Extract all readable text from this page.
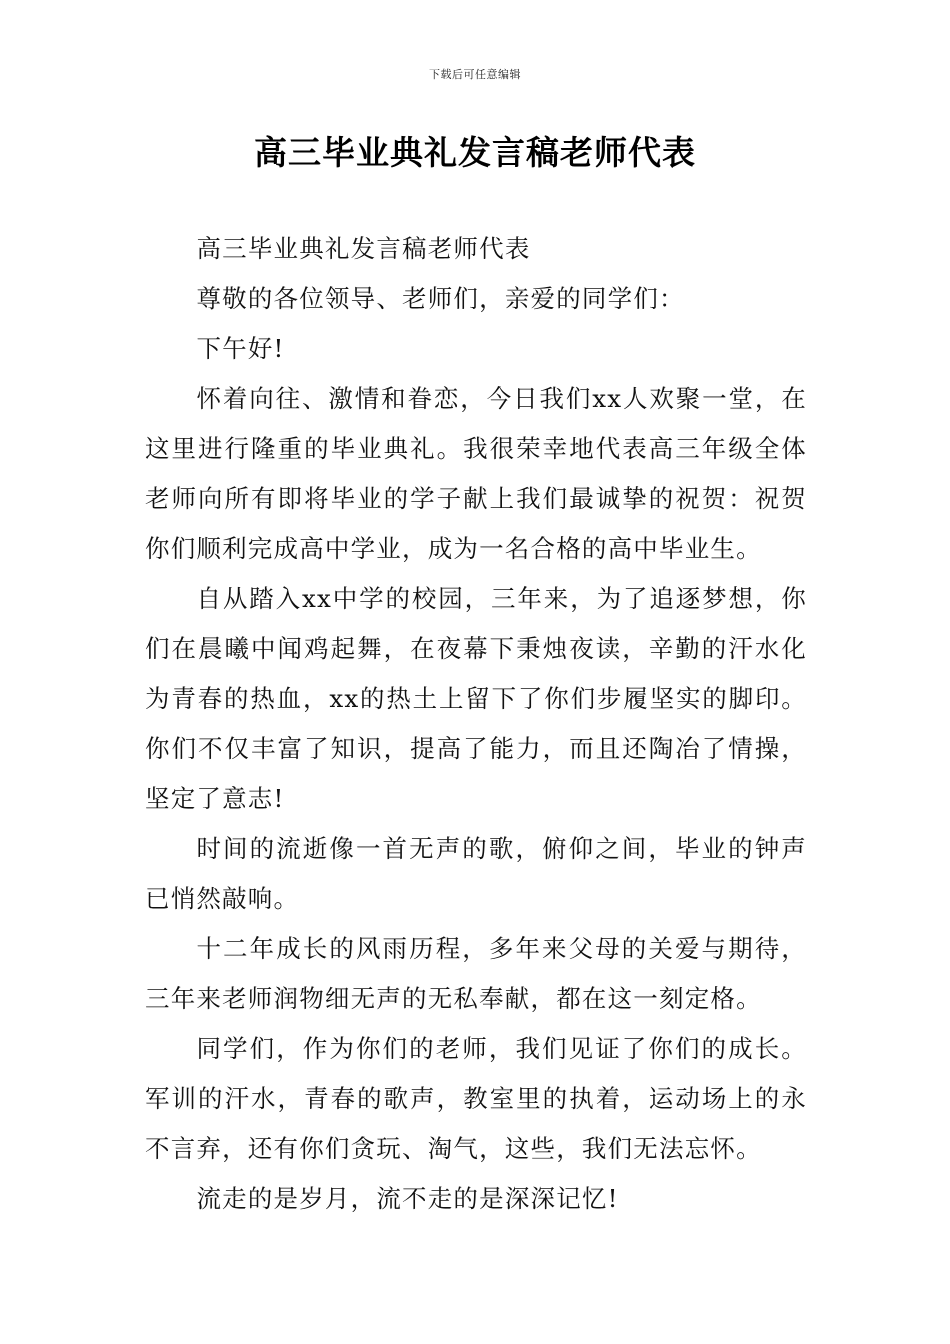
下载后可任意编辑
高三毕业典礼发言稿老师代表

高三毕业典礼发言稿老师代表

尊敬的各位领导、老师们，亲爱的同学们：

下午好!

怀着向往、激情和眷恋，今日我们xx人欢聚一堂，在这里进行隆重的毕业典礼。我很荣幸地代表高三年级全体老师向所有即将毕业的学子献上我们最诚挚的祝贺：祝贺你们顺利完成高中学业，成为一名合格的高中毕业生。

自从踏入xx中学的校园，三年来，为了追逐梦想，你们在晨曦中闻鸡起舞，在夜幕下秉烛夜读，辛勤的汗水化为青春的热血，xx的热土上留下了你们步履坚实的脚印。你们不仅丰富了知识，提高了能力，而且还陶冶了情操，坚定了意志!

时间的流逝像一首无声的歌，俯仰之间，毕业的钟声已悄然敲响。

十二年成长的风雨历程，多年来父母的关爱与期待，三年来老师润物细无声的无私奉献，都在这一刻定格。

同学们，作为你们的老师，我们见证了你们的成长。军训的汗水，青春的歌声，教室里的执着，运动场上的永不言弃，还有你们贪玩、淘气，这些，我们无法忘怀。

流走的是岁月，流不走的是深深记忆!
